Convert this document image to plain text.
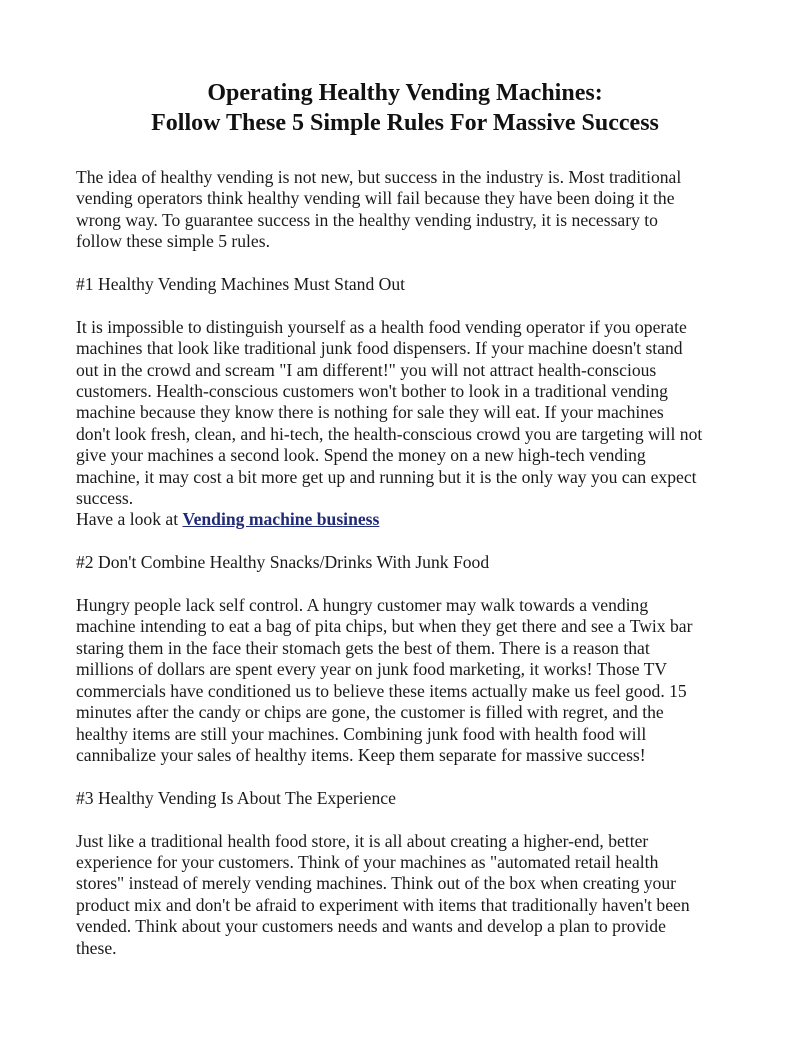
Operating Healthy Vending Machines:
Follow These 5 Simple Rules For Massive Success

The idea of healthy vending is not new, but success in the industry is. Most traditional
vending operators think healthy vending will fail because they have been doing it the
wrong way. To guarantee success in the healthy vending industry, it is necessary to
follow these simple 5 rules.

#1 Healthy Vending Machines Must Stand Out

It is impossible to distinguish yourself as a health food vending operator if you operate
machines that look like traditional junk food dispensers. If your machine doesn't stand
out in the crowd and scream "I am different!" you will not attract health-conscious
customers. Health-conscious customers won't bother to look in a traditional vending
machine because they know there is nothing for sale they will eat. If your machines
don't look fresh, clean, and hi-tech, the health-conscious crowd you are targeting will not
give your machines a second look. Spend the money on a new high-tech vending
machine, it may cost a bit more get up and running but it is the only way you can expect
success.

Have a look at Vending machine business

#2 Don't Combine Healthy Snacks/Drinks With Junk Food

Hungry people lack self control. A hungry customer may walk towards a vending
machine intending to eat a bag of pita chips, but when they get there and see a Twix bar
staring them in the face their stomach gets the best of them. There is a reason that
millions of dollars are spent every year on junk food marketing, it works! Those TV
commercials have conditioned us to believe these items actually make us feel good. 15
minutes after the candy or chips are gone, the customer is filled with regret, and the
healthy items are still your machines. Combining junk food with health food will
cannibalize your sales of healthy items. Keep them separate for massive success!

#3 Healthy Vending Is About The Experience

Just like a traditional health food store, it is all about creating a higher-end, better
experience for your customers. Think of your machines as "automated retail health
stores" instead of merely vending machines. Think out of the box when creating your
product mix and don't be afraid to experiment with items that traditionally haven't been
vended. Think about your customers needs and wants and develop a plan to provide
these.
